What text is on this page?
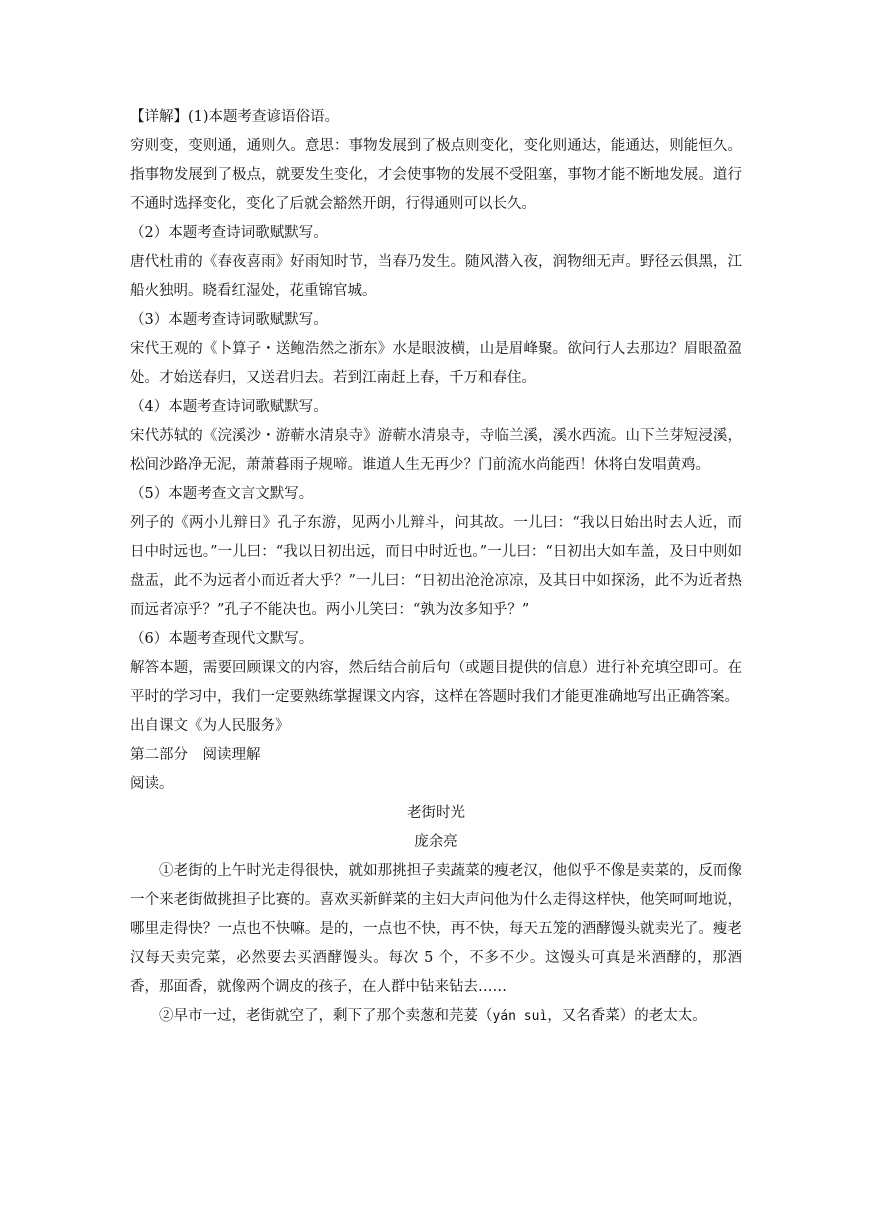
【详解】(1)本题考查谚语俗语。

穷则变，变则通，通则久。意思：事物发展到了极点则变化，变化则通达，能通达，则能恒久。指事物发展到了极点，就要发生变化，才会使事物的发展不受阻塞，事物才能不断地发展。道行不通时选择变化，变化了后就会豁然开朗，行得通则可以长久。

（2）本题考查诗词歌赋默写。

唐代杜甫的《春夜喜雨》好雨知时节，当春乃发生。随风潜入夜，润物细无声。野径云俱黑，江船火独明。晓看红湿处，花重锦官城。

（3）本题考查诗词歌赋默写。

宋代王观的《卜算子・送鲍浩然之浙东》水是眼波横，山是眉峰聚。欲问行人去那边？眉眼盈盈处。才始送春归，又送君归去。若到江南赶上春，千万和春住。

（4）本题考查诗词歌赋默写。

宋代苏轼的《浣溪沙・游蕲水清泉寺》游蕲水清泉寺，寺临兰溪，溪水西流。山下兰芽短浸溪，松间沙路净无泥，萧萧暮雨子规啼。谁道人生无再少？门前流水尚能西！休将白发唱黄鸡。

（5）本题考查文言文默写。

列子的《两小儿辩日》孔子东游，见两小儿辩斗，问其故。一儿曰：“我以日始出时去人近，而日中时远也。”一儿曰：“我以日初出远，而日中时近也。”一儿曰：“日初出大如车盖，及日中则如盘盂，此不为远者小而近者大乎？”一儿曰：“日初出沧沧凉凉，及其日中如探汤，此不为近者热而远者凉乎？”孔子不能决也。两小儿笑曰：“孰为汝多知乎？”

（6）本题考查现代文默写。

解答本题，需要回顾课文的内容，然后结合前后句（或题目提供的信息）进行补充填空即可。在平时的学习中，我们一定要熟练掌握课文内容，这样在答题时我们才能更准确地写出正确答案。

出自课文《为人民服务》

第二部分　阅读理解

阅读。

老街时光

庞余亮

①老街的上午时光走得很快，就如那挑担子卖蔬菜的瘦老汉，他似乎不像是卖菜的，反而像一个来老街做挑担子比赛的。喜欢买新鲜菜的主妇大声问他为什么走得这样快，他笑呵呵地说，哪里走得快？一点也不快嘛。是的，一点也不快，再不快，每天五笼的酒酵馒头就卖光了。瘦老汉每天卖完菜，必然要去买酒酵馒头。每次 5 个，不多不少。这馒头可真是米酒酵的，那酒香，那面香，就像两个调皮的孩子，在人群中钻来钻去……

②早市一过，老街就空了，剩下了那个卖葱和芫荽（yán suì，又名香菜）的老太太。
